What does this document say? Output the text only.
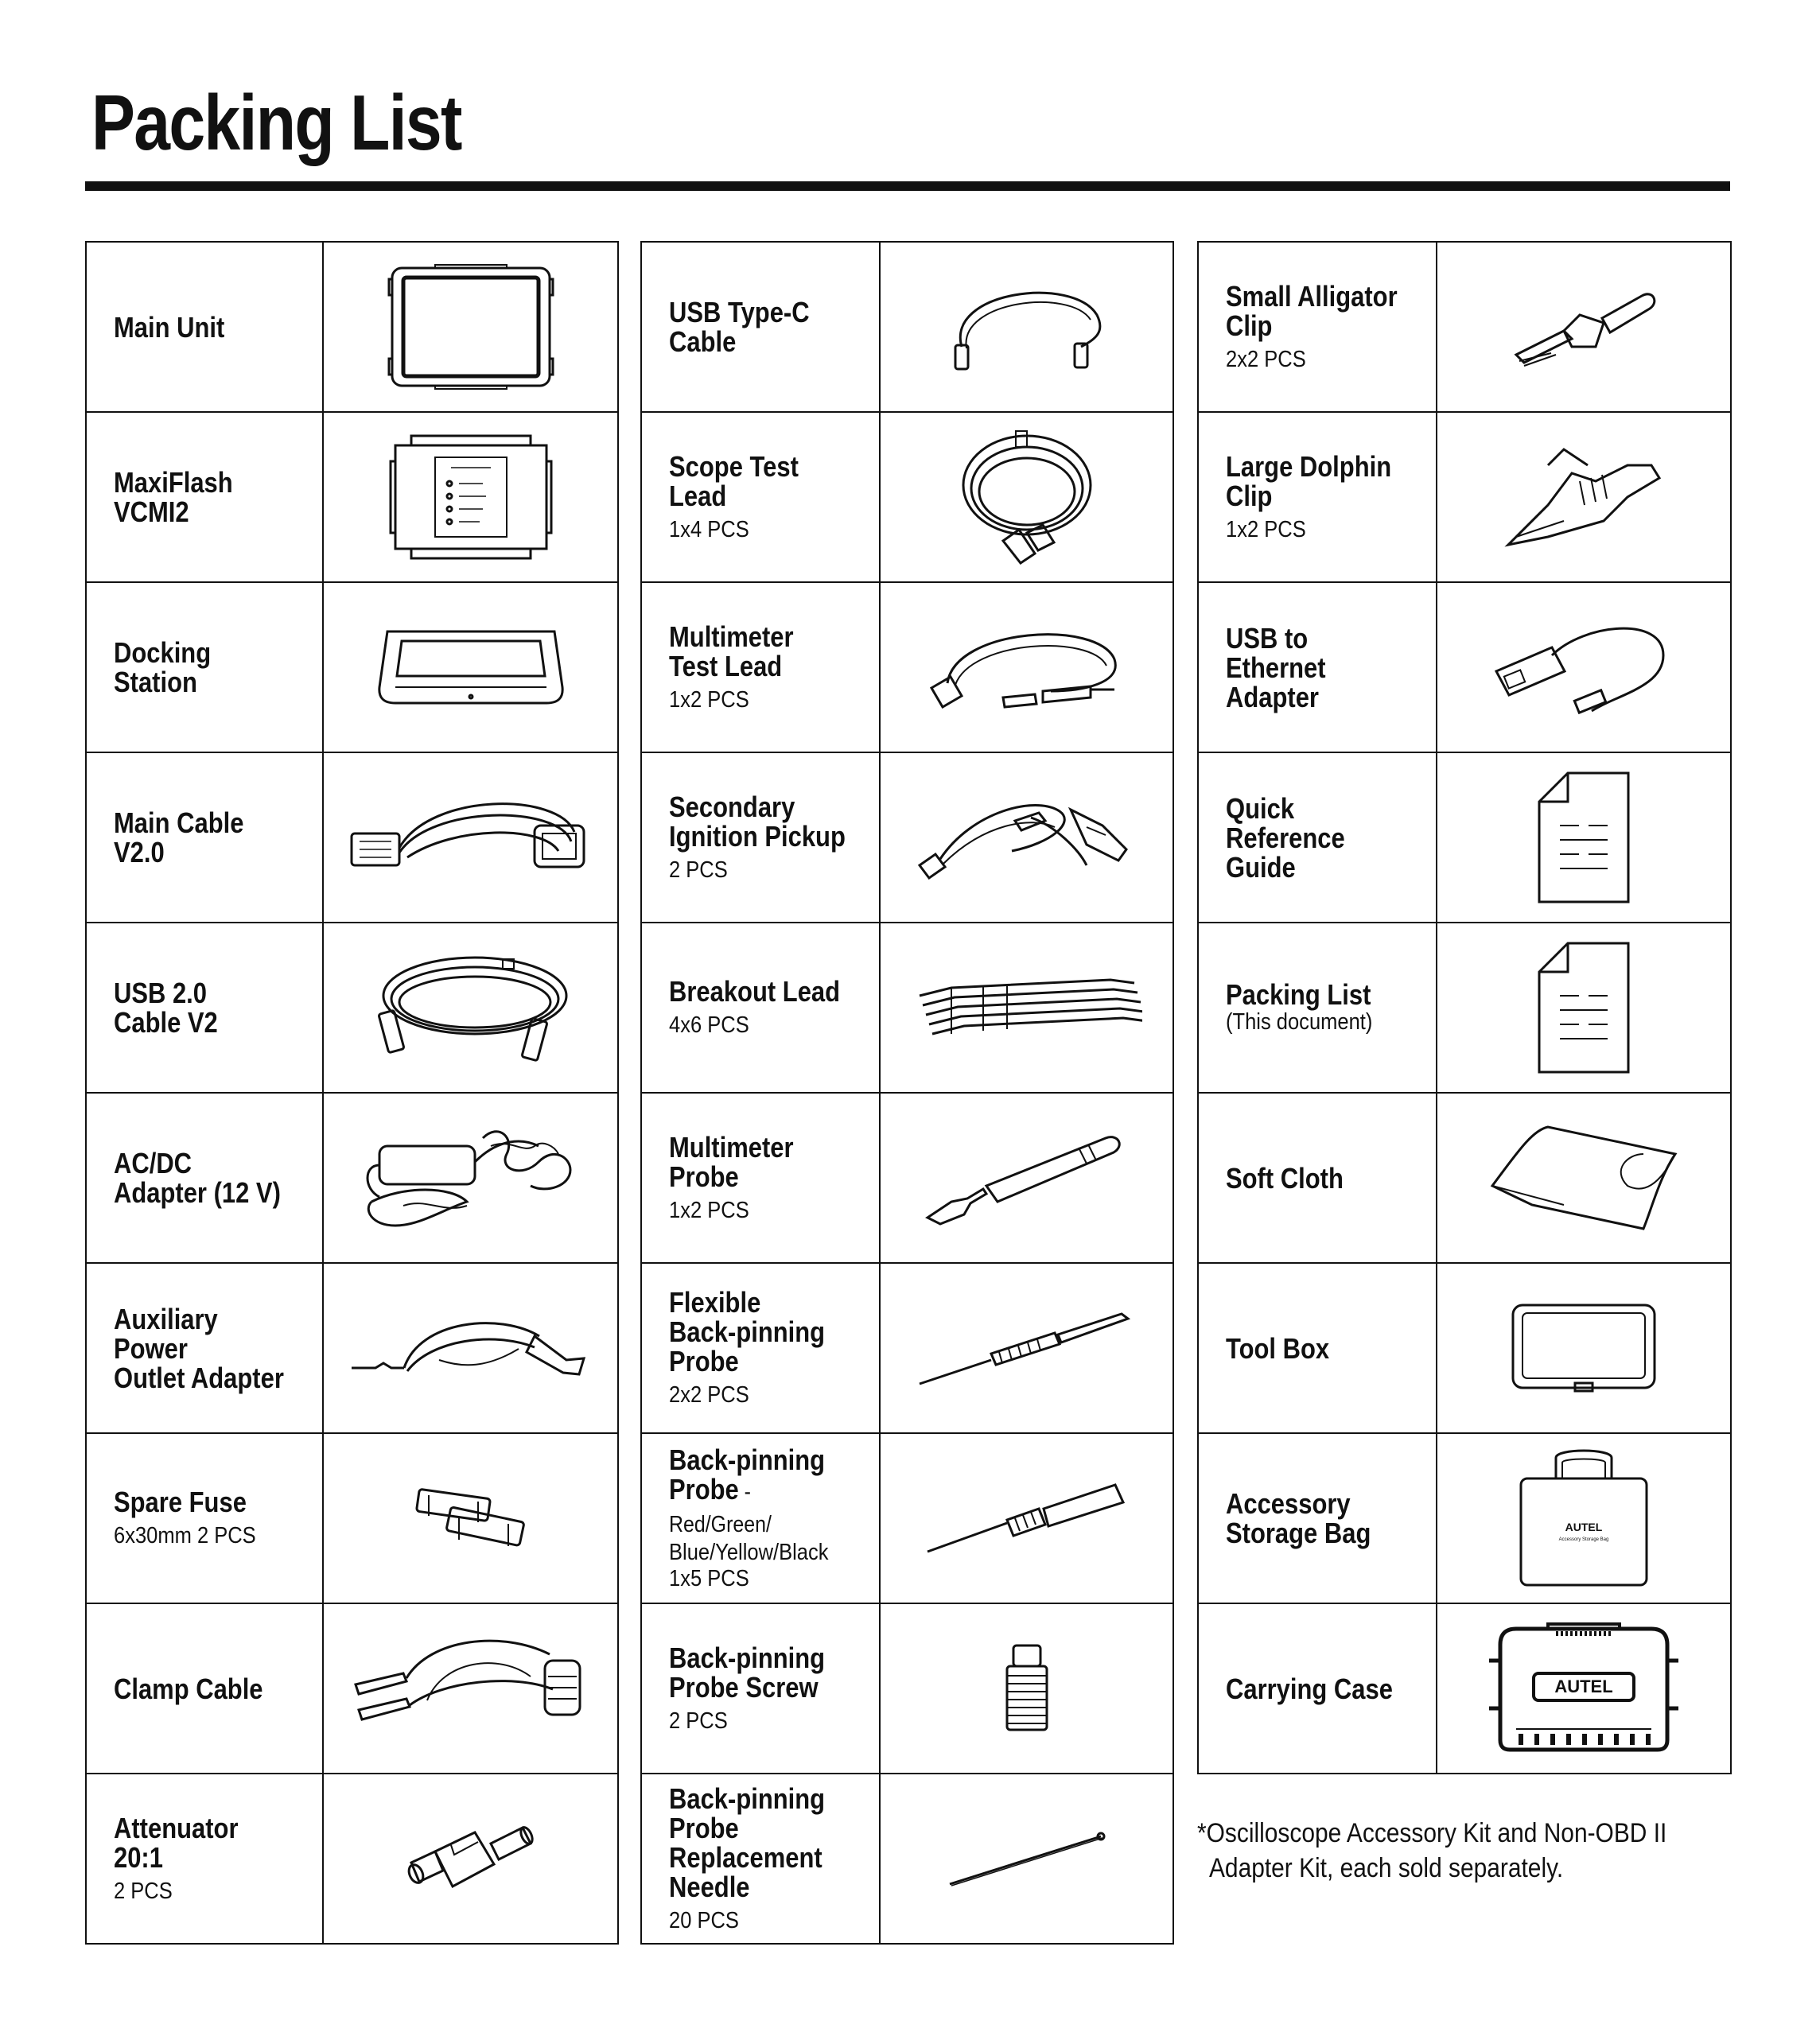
Packing List
Main Unit

MaxiFlash VCMI2

Docking Station

Main Cable V2.0

USB 2.0
Cable V2

AC/DC
Adapter (12 V)

Auxiliary Power
Outlet Adapter

Spare Fuse
6x30mm 2 PCS

Clamp Cable

Attenuator 20:1
2 PCS

USB Type-C
Cable

Scope Test Lead
1x4 PCS

Multimeter
Test Lead
1x2 PCS

Secondary
Ignition Pickup
2 PCS

Breakout Lead
4x6 PCS

Multimeter
Probe
1x2 PCS

Flexible
Back-pinning
Probe
2x2 PCS

Back-pinning
Probe - Red/Green/
Blue/Yellow/Black
1x5 PCS

Back-pinning
Probe Screw
2 PCS

Back-pinning
Probe
Replacement
Needle
20 PCS

Small Alligator
Clip
2x2 PCS

Large Dolphin
Clip
1x2 PCS

USB to Ethernet
Adapter

Quick Reference
Guide

Packing List
(This document)

Soft Cloth

Tool Box

Accessory
Storage Bag	AUTEL
Accessory Storage Bag

Carrying Case	AUTEL
*Oscilloscope Accessory Kit and Non-OBD II
Adapter Kit, each sold separately.
